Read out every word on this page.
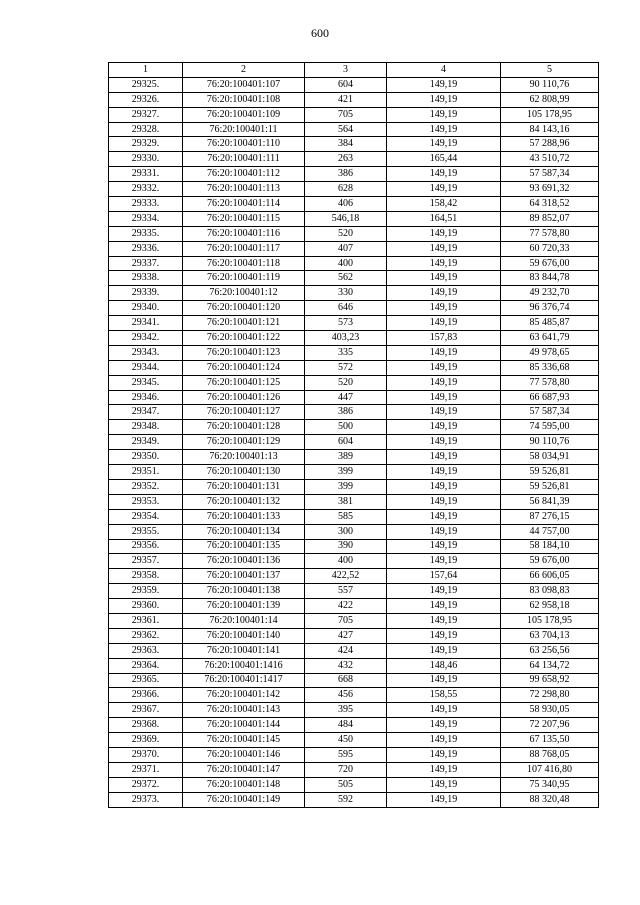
600
1	2	3	4	5
29325.	76:20:100401:107	604	149,19	90 110,76
29326.	76:20:100401:108	421	149,19	62 808,99
29327.	76:20:100401:109	705	149,19	105 178,95
29328.	76:20:100401:11	564	149,19	84 143,16
29329.	76:20:100401:110	384	149,19	57 288,96
29330.	76:20:100401:111	263	165,44	43 510,72
29331.	76:20:100401:112	386	149,19	57 587,34
29332.	76:20:100401:113	628	149,19	93 691,32
29333.	76:20:100401:114	406	158,42	64 318,52
29334.	76:20:100401:115	546,18	164,51	89 852,07
29335.	76:20:100401:116	520	149,19	77 578,80
29336.	76:20:100401:117	407	149,19	60 720,33
29337.	76:20:100401:118	400	149,19	59 676,00
29338.	76:20:100401:119	562	149,19	83 844,78
29339.	76:20:100401:12	330	149,19	49 232,70
29340.	76:20:100401:120	646	149,19	96 376,74
29341.	76:20:100401:121	573	149,19	85 485,87
29342.	76:20:100401:122	403,23	157,83	63 641,79
29343.	76:20:100401:123	335	149,19	49 978,65
29344.	76:20:100401:124	572	149,19	85 336,68
29345.	76:20:100401:125	520	149,19	77 578,80
29346.	76:20:100401:126	447	149,19	66 687,93
29347.	76:20:100401:127	386	149,19	57 587,34
29348.	76:20:100401:128	500	149,19	74 595,00
29349.	76:20:100401:129	604	149,19	90 110,76
29350.	76:20:100401:13	389	149,19	58 034,91
29351.	76:20:100401:130	399	149,19	59 526,81
29352.	76:20:100401:131	399	149,19	59 526,81
29353.	76:20:100401:132	381	149,19	56 841,39
29354.	76:20:100401:133	585	149,19	87 276,15
29355.	76:20:100401:134	300	149,19	44 757,00
29356.	76:20:100401:135	390	149,19	58 184,10
29357.	76:20:100401:136	400	149,19	59 676,00
29358.	76:20:100401:137	422,52	157,64	66 606,05
29359.	76:20:100401:138	557	149,19	83 098,83
29360.	76:20:100401:139	422	149,19	62 958,18
29361.	76:20:100401:14	705	149,19	105 178,95
29362.	76:20:100401:140	427	149,19	63 704,13
29363.	76:20:100401:141	424	149,19	63 256,56
29364.	76:20:100401:1416	432	148,46	64 134,72
29365.	76:20:100401:1417	668	149,19	99 658,92
29366.	76:20:100401:142	456	158,55	72 298,80
29367.	76:20:100401:143	395	149,19	58 930,05
29368.	76:20:100401:144	484	149,19	72 207,96
29369.	76:20:100401:145	450	149,19	67 135,50
29370.	76:20:100401:146	595	149,19	88 768,05
29371.	76:20:100401:147	720	149,19	107 416,80
29372.	76:20:100401:148	505	149,19	75 340,95
29373.	76:20:100401:149	592	149,19	88 320,48
